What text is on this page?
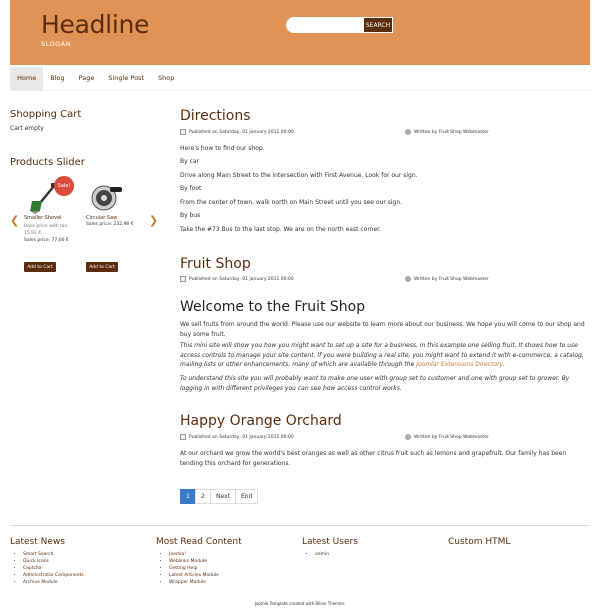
Headline
SLOGAN
SEARCH
Home	Blog	Page	Single Post	Shop
Shopping Cart
Cart empty
Products Slider
❮	❯
Smaller Shovel
Base price with tax:
15,92 €
Sales price: 77,00 €
Sale!
Add to Cart
Circular Saw
Sales price: 232,96 €
Add to Cart
Directions
Published on Saturday, 01 January 2011 00:00	Written by Fruit Shop Webmaster
Here's how to find our shop.
By car
Drive along Main Street to the intersection with First Avenue. Look for our sign.
By foot
From the center of town, walk north on Main Street until you see our sign.
By bus
Take the #73 Bus to the last stop. We are on the north east corner.
Fruit Shop
Published on Saturday, 01 January 2011 00:00	Written by Fruit Shop Webmaster
Welcome to the Fruit Shop
We sell fruits from around the world. Please use our website to learn more about our business. We hope you will come to our shop and buy some fruit.
This mini site will show you how you might want to set up a site for a business, in this example one selling fruit. It shows how to use access controls to manage your site content. If you were building a real site, you might want to extend it with e-commerce, a catalog, mailing lists or other enhancements, many of which are available through the Joomla! Extensions Directory.
To understand this site you will probably want to make one user with group set to customer and one with group set to grower. By logging in with different privileges you can see how access control works.
Happy Orange Orchard
Published on Saturday, 01 January 2011 00:00	Written by Fruit Shop Webmaster
At our orchard we grow the world's best oranges as well as other citrus fruit such as lemons and grapefruit. Our family has been tending this orchard for generations.
1	2	Next	End
Latest News
• Smart Search
• Quick Icons
• Captcha
• Administrator Components
• Archive Module
Most Read Content
• Joomla!
• Weblinks Module
• Getting Help
• Latest Articles Module
• Wrapper Module
Latest Users
• admin
Custom HTML
Joomla Template created with Bilion Themler.
